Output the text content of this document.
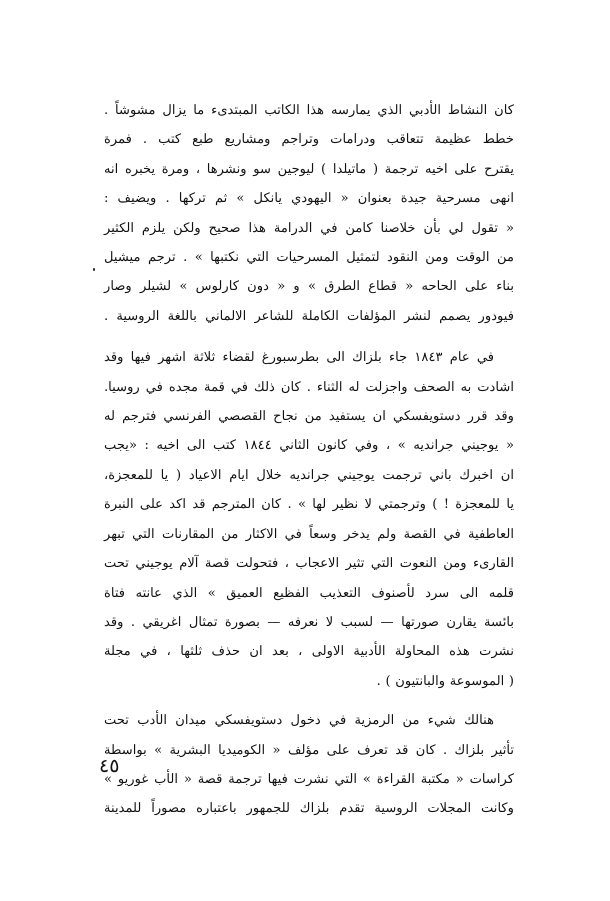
كان النشاط الأدبي الذي يمارسه هذا الكاتب المبتدىء ما يزال مشوشاً .
خطط عظيمة تتعاقب ودرامات وتراجم ومشاريع طبع كتب . فمرة
يقترح على اخيه ترجمة ( ماتيلدا ) ليوجين سو ونشرها ، ومرة يخبره انه
انهى مسرحية جيدة بعنوان « اليهودي يانكل » ثم تركها . ويضيف :
« تقول لي بأن خلاصنا كامن في الدرامة هذا صحيح ولكن يلزم الكثير
من الوقت ومن النقود لتمثيل المسرحيات التي نكتبها » . ترجم ميشيل
بناء على الحاحه « قطاع الطرق » و « دون كارلوس » لشيلر وصار
فيودور يصمم لنشر المؤلفات الكاملة للشاعر الالماني باللغة الروسية .
في عام ١٨٤٣ جاء بلزاك الى بطرسبورغ لقضاء ثلاثة اشهر فيها وقد
اشادت به الصحف واجزلت له الثناء . كان ذلك في قمة مجده في روسيا.
وقد قرر دستويفسكي ان يستفيد من نجاح القصصي الفرنسي فترجم له
« يوجيني جرانديه » ، وفي كانون الثاني ١٨٤٤ كتب الى اخيه : «يجب
ان اخبرك باني ترجمت يوجيني جرانديه خلال ايام الاعياد ( يا للمعجزة،
يا للمعجزة ! ) وترجمتي لا نظير لها » . كان المترجم قد اكد على النبرة
العاطفية في القصة ولم يدخر وسعاً في الاكثار من المقارنات التي تبهر
القارىء ومن النعوت التي تثير الاعجاب ، فتحولت قصة آلام يوجيني تحت
قلمه الى سرد لأصنوف التعذيب الفظيع العميق » الذي عانته فتاة
بائسة يقارن صورتها — لسبب لا نعرفه — بصورة تمثال اغريقي . وقد
نشرت هذه المحاولة الأدبية الاولى ، بعد ان حذف ثلثها ، في مجلة
( الموسوعة والبانتيون ) .
هنالك شيء من الرمزية في دخول دستويفسكي ميدان الأدب تحت
تأثير بلزاك . كان قد تعرف على مؤلف « الكوميديا البشرية » بواسطة
كراسات « مكتبة القراءة » التي نشرت فيها ترجمة قصة « الأب غوريو »
وكانت المجلات الروسية تقدم بلزاك للجمهور باعتباره مصوراً للمدينة
٤٥
